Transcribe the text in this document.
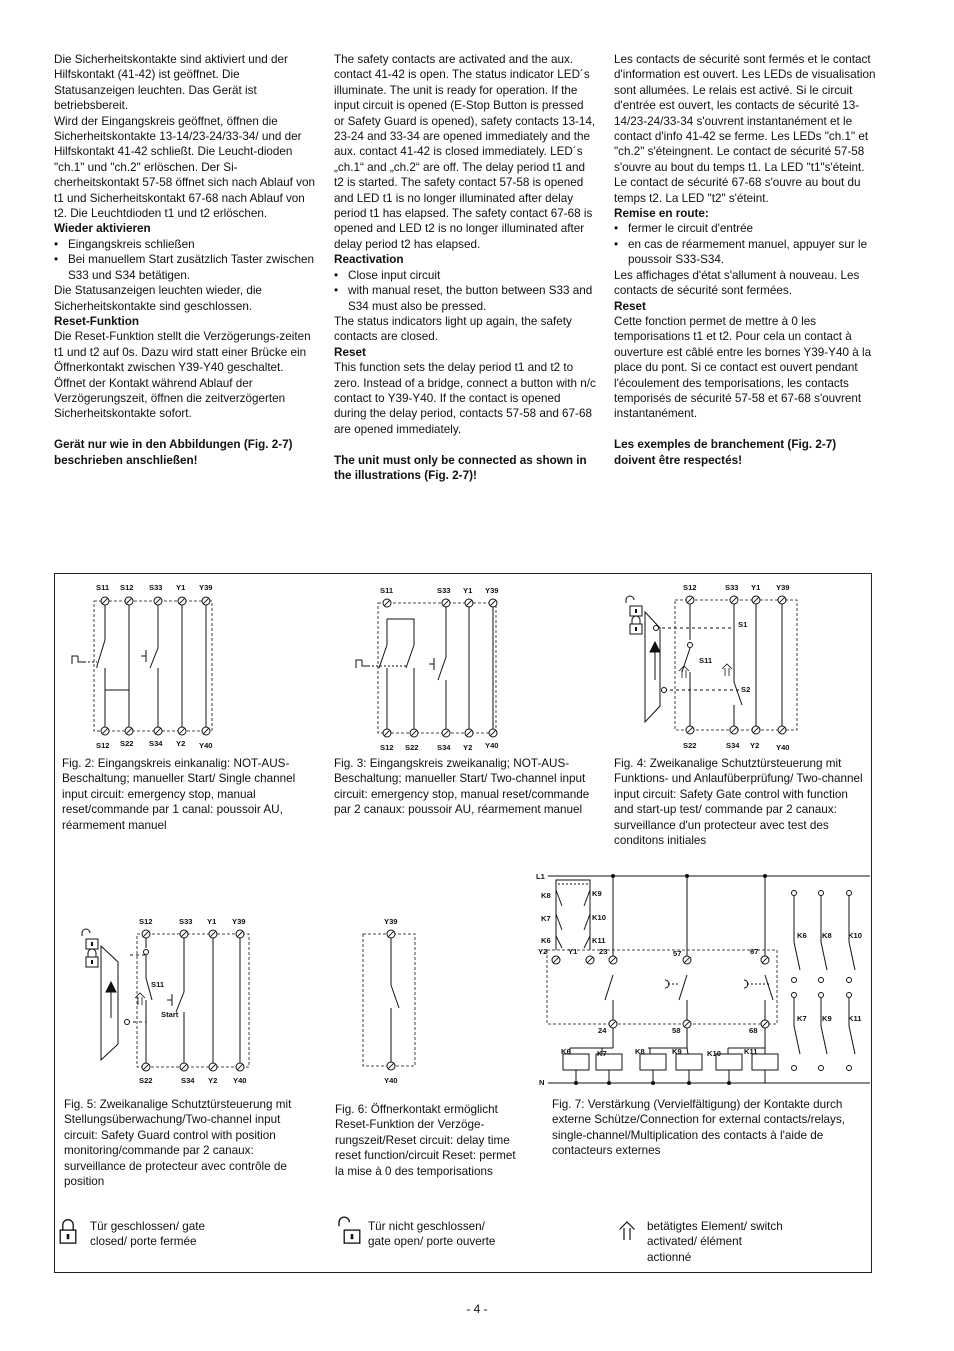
Die Sicherheitskontakte sind aktiviert und der Hilfskontakt (41-42) ist geöffnet. Die Statusanzeigen leuchten. Das Gerät ist betriebsbereit.

Wird der Eingangskreis geöffnet, öffnen die Sicherheitskontakte 13-14/23-24/33-34/ und der Hilfskontakt 41-42 schließt. Die Leucht-dioden "ch.1" und "ch.2" erlöschen. Der Si-cherheitskontakt 57-58 öffnet sich nach Ablauf von t1 und Sicherheitskontakt 67-68 nach Ablauf von t2. Die Leuchtdioden t1 und t2 erlöschen.

Wieder aktivieren

• Eingangskreis schließen
• Bei manuellem Start zusätzlich Taster zwischen S33 und S34 betätigen.

Die Statusanzeigen leuchten wieder, die Sicherheitskontakte sind geschlossen.

Reset-Funktion

Die Reset-Funktion stellt die Verzögerungs-zeiten t1 und t2 auf 0s. Dazu wird statt einer Brücke ein Öffnerkontakt zwischen Y39-Y40 geschaltet. Öffnet der Kontakt während Ablauf der Verzögerungszeit, öffnen die zeitverzögerten Sicherheitskontakte sofort.

Gerät nur wie in den Abbildungen (Fig. 2-7) beschrieben anschließen!

The safety contacts are activated and the aux. contact 41-42 is open. The status indicator LED´s illuminate. The unit is ready for operation. If the input circuit is opened (E-Stop Button is pressed or Safety Guard is opened), safety contacts 13-14, 23-24 and 33-34 are opened immediately and the aux. contact 41-42 is closed immediately. LED´s „ch.1“ and „ch.2“ are off. The delay period t1 and t2 is started. The safety contact 57-58 is opened and LED t1 is no longer illuminated after delay period t1 has elapsed. The safety contact 67-68 is opened and LED t2 is no longer illuminated after delay period t2 has elapsed.

Reactivation

• Close input circuit
• with manual reset, the button between S33 and S34 must also be pressed.

The status indicators light up again, the safety contacts are closed.

Reset

This function sets the delay period t1 and t2 to zero. Instead of a bridge, connect a button with n/c contact to Y39-Y40. If the contact is opened during the delay period, contacts 57-58 and 67-68 are opened immediately.

The unit must only be connected as shown in the illustrations (Fig. 2-7)!

Les contacts de sécurité sont fermés et le contact d'information est ouvert. Les LEDs de visualisation sont allumées. Le relais est activé. Si le circuit d'entrée est ouvert, les contacts de sécurité 13-14/23-24/33-34 s'ouvrent instantanément et le contact d'info 41-42 se ferme. Les LEDs "ch.1" et "ch.2" s'éteingnent. Le contact de sécurité 57-58 s'ouvre au bout du temps t1. La LED "t1"s'éteint. Le contact de sécurité 67-68 s'ouvre au bout du temps t2. La LED "t2" s'éteint.

Remise en route:

• fermer le circuit d'entrée
• en cas de réarmement manuel, appuyer sur le poussoir S33-S34.

Les affichages d'état s'allument à nouveau. Les contacts de sécurité sont fermées.

Reset

Cette fonction permet de mettre à 0 les temporisations t1 et t2. Pour cela un contact à ouverture est câblé entre les bornes Y39-Y40 à la place du pont. Si ce contact est ouvert pendant l'écoulement des temporisations, les contacts temporisés de sécurité 57-58 et 67-68 s'ouvrent instantanément.

Les exemples de branchement (Fig. 2-7) doivent être respectés!

S11 S12 S33 Y1 Y39
S12 S22 S34 Y2 Y40
S11	S33 Y1 Y39
S12 S22 S34 Y2 Y40
S12	S33 Y1 Y39
S1
S11
S2
S22	S34 Y2 Y40
S12	S33 Y1 Y39
S11
Start
S22	S34 Y2 Y40
Y39
Y40
L1
N
K8	K9
K7	K10
K6	K11
Y2	Y1	23	57	67
24	58	68
K6	K7	K8	K9	K10	K11
K6 K8 K10
K7 K9 K11
Fig. 2: Eingangskreis einkanalig: NOT-AUS-Beschaltung; manueller Start/ Single channel input circuit: emergency stop, manual reset/commande par 1 canal: poussoir AU, réarmement manuel
Fig. 3: Eingangskreis zweikanalig; NOT-AUS-Beschaltung; manueller Start/ Two-channel input circuit: emergency stop, manual reset/commande par 2 canaux: poussoir AU, réarmement manuel
Fig. 4: Zweikanalige Schutztürsteuerung mit Funktions- und Anlaufüberprüfung/ Two-channel input circuit: Safety Gate control with function and start-up test/ commande par 2 canaux: surveillance d'un protecteur avec test des conditons initiales
Fig. 5: Zweikanalige Schutztürsteuerung mit Stellungsüberwachung/Two-channel input circuit: Safety Guard control with position monitoring/commande par 2 canaux: surveillance de protecteur avec contrôle de position
Fig. 6: Öffnerkontakt ermöglicht Reset-Funktion der Verzöge-rungszeit/Reset circuit: delay time reset function/circuit Reset: permet la mise à 0 des temporisations
Fig. 7: Verstärkung (Vervielfältigung) der Kontakte durch externe Schütze/Connection for external contacts/relays, single-channel/Multiplication des contacts à l'aide de contacteurs externes
Tür geschlossen/ gate closed/ porte fermée
Tür nicht geschlossen/ gate open/ porte ouverte
betätigtes Element/ switch activated/ élément actionné
- 4 -
